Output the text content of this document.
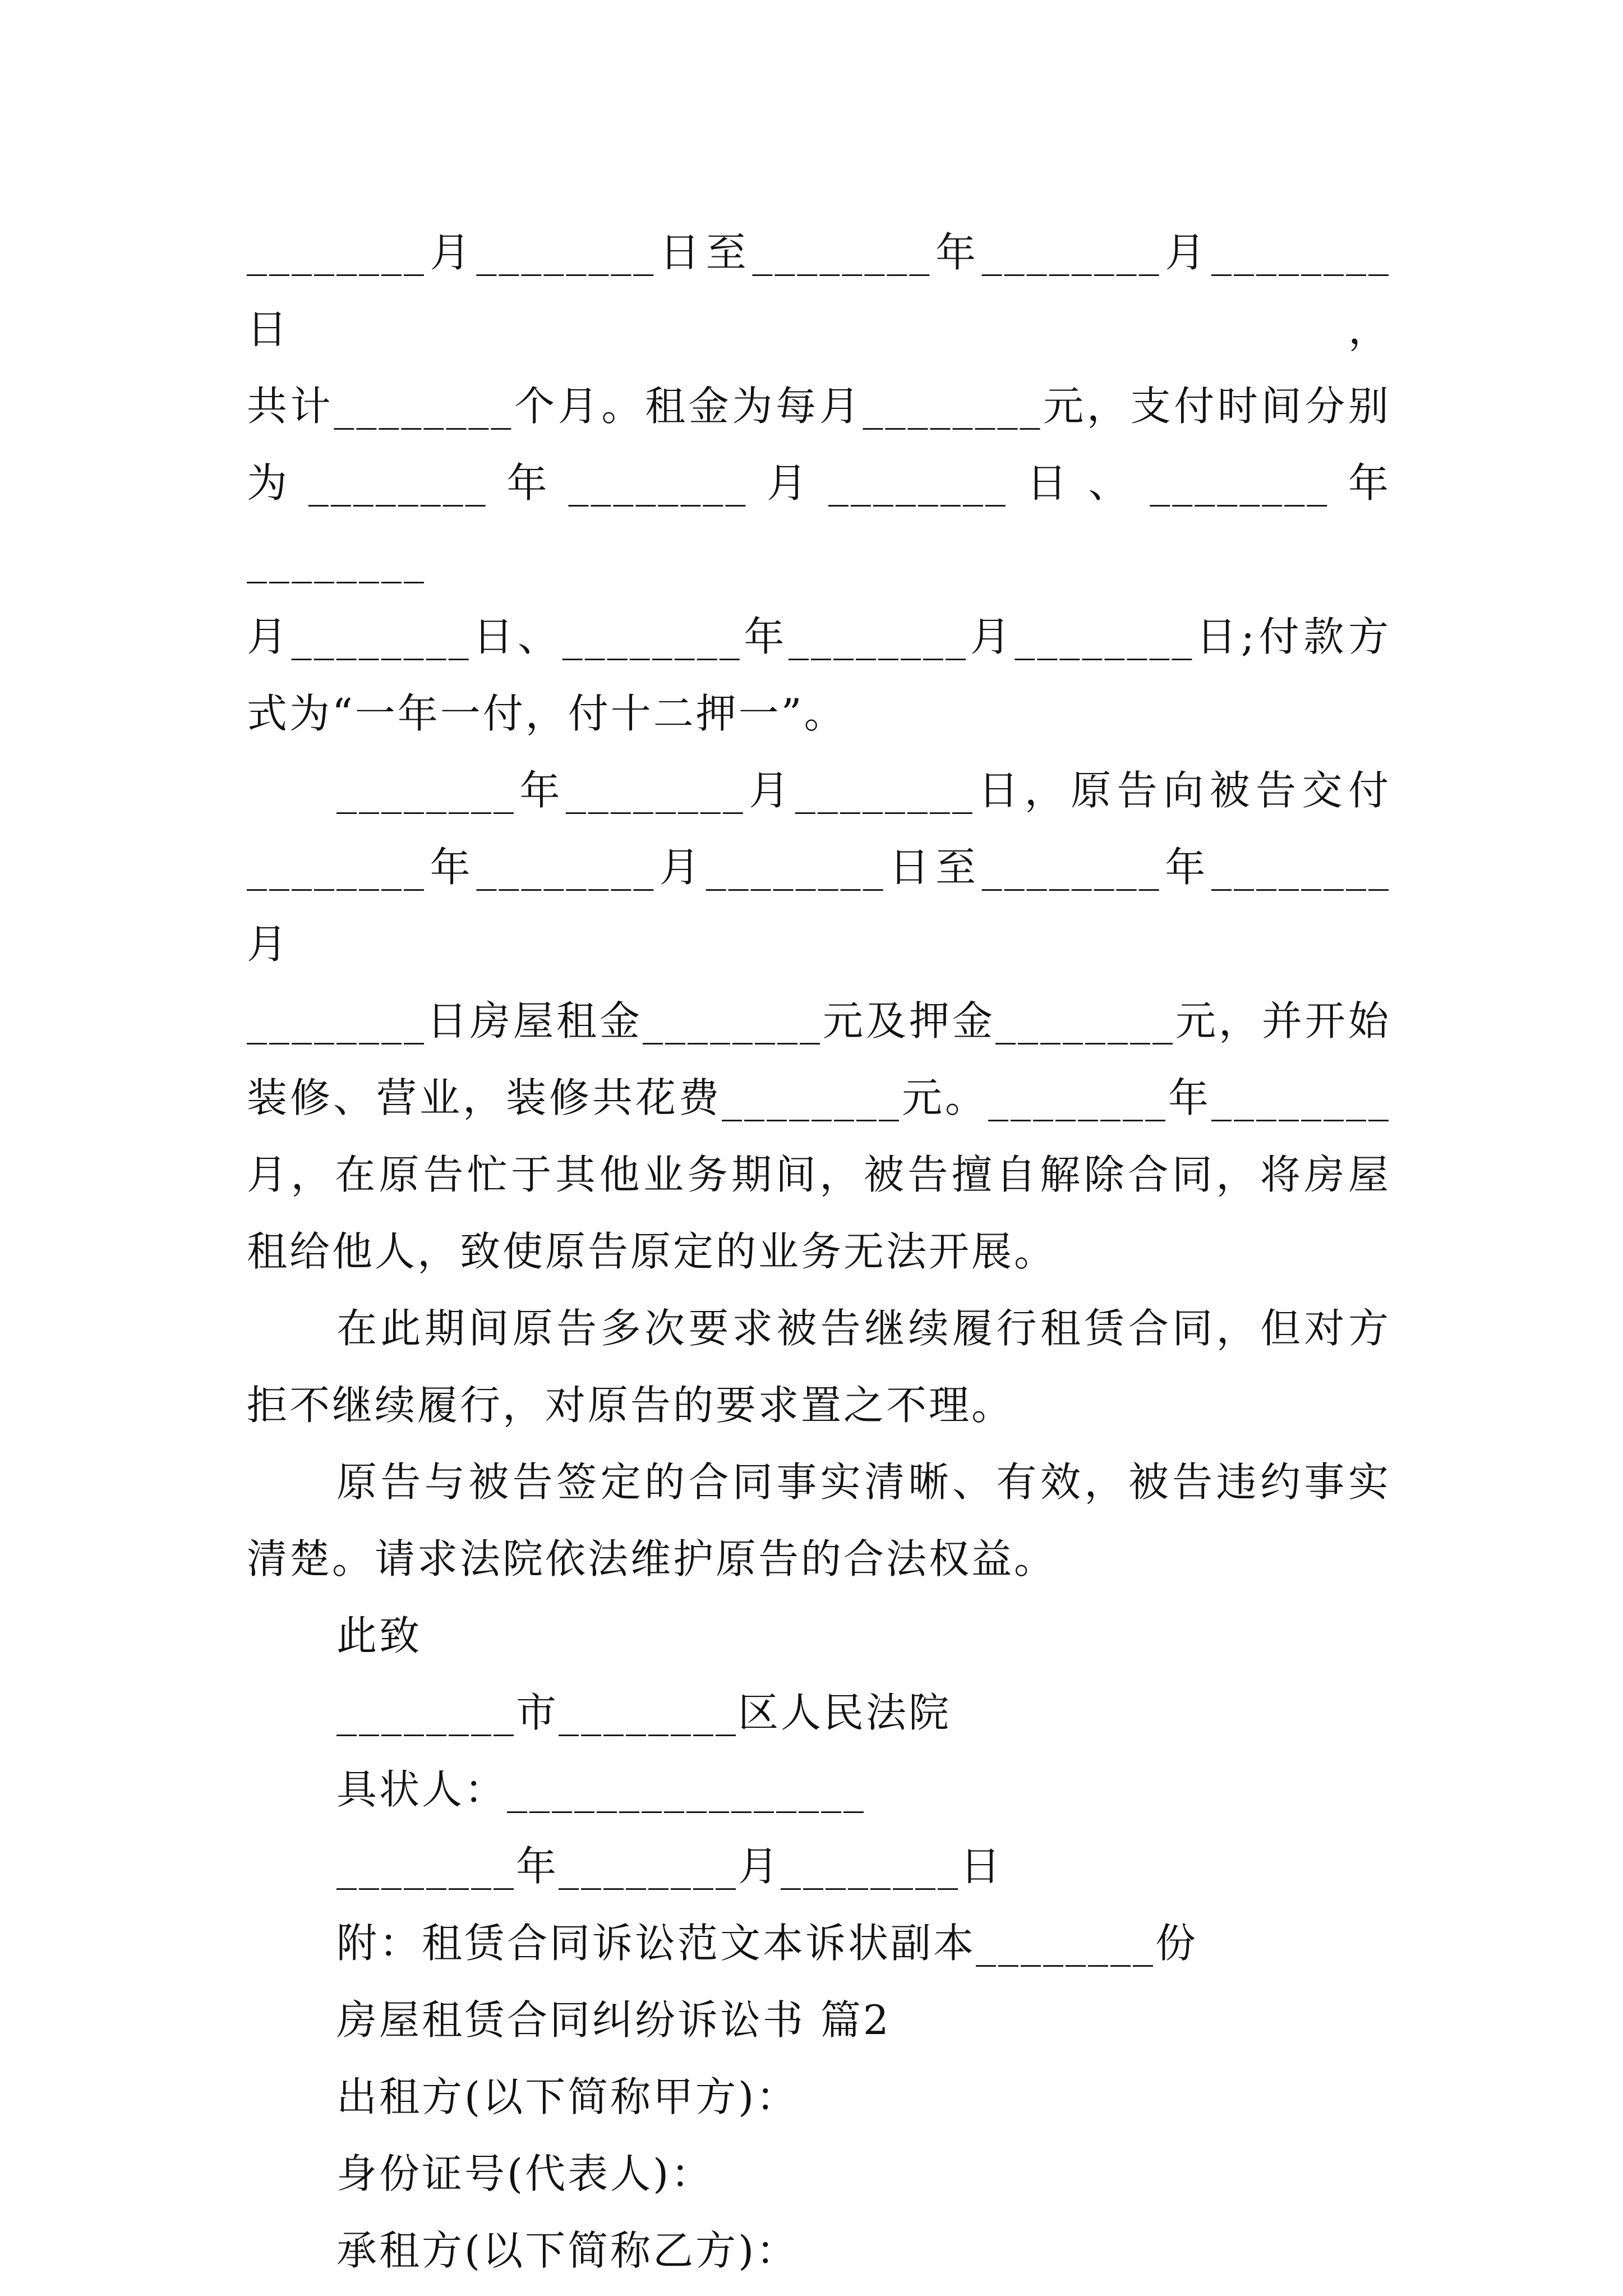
________月________日至________年________月________日，

共计________个月。租金为每月________元，支付时间分别

为________年________月________日、________年________

月________日、________年________月________日;付款方

式为“一年一付，付十二押一”。

________年________月________日，原告向被告交付

________年________月________日至________年________月

________日房屋租金________元及押金________元，并开始

装修、营业，装修共花费________元。________年________

月，在原告忙于其他业务期间，被告擅自解除合同，将房屋

租给他人，致使原告原定的业务无法开展。

在此期间原告多次要求被告继续履行租赁合同，但对方

拒不继续履行，对原告的要求置之不理。

原告与被告签定的合同事实清晰、有效，被告违约事实

清楚。请求法院依法维护原告的合法权益。

此致

________市________区人民法院

具状人：________________

________年________月________日

附：租赁合同诉讼范文本诉状副本________份

房屋租赁合同纠纷诉讼书 篇2

出租方(以下简称甲方)：

身份证号(代表人)：

承租方(以下简称乙方)：
